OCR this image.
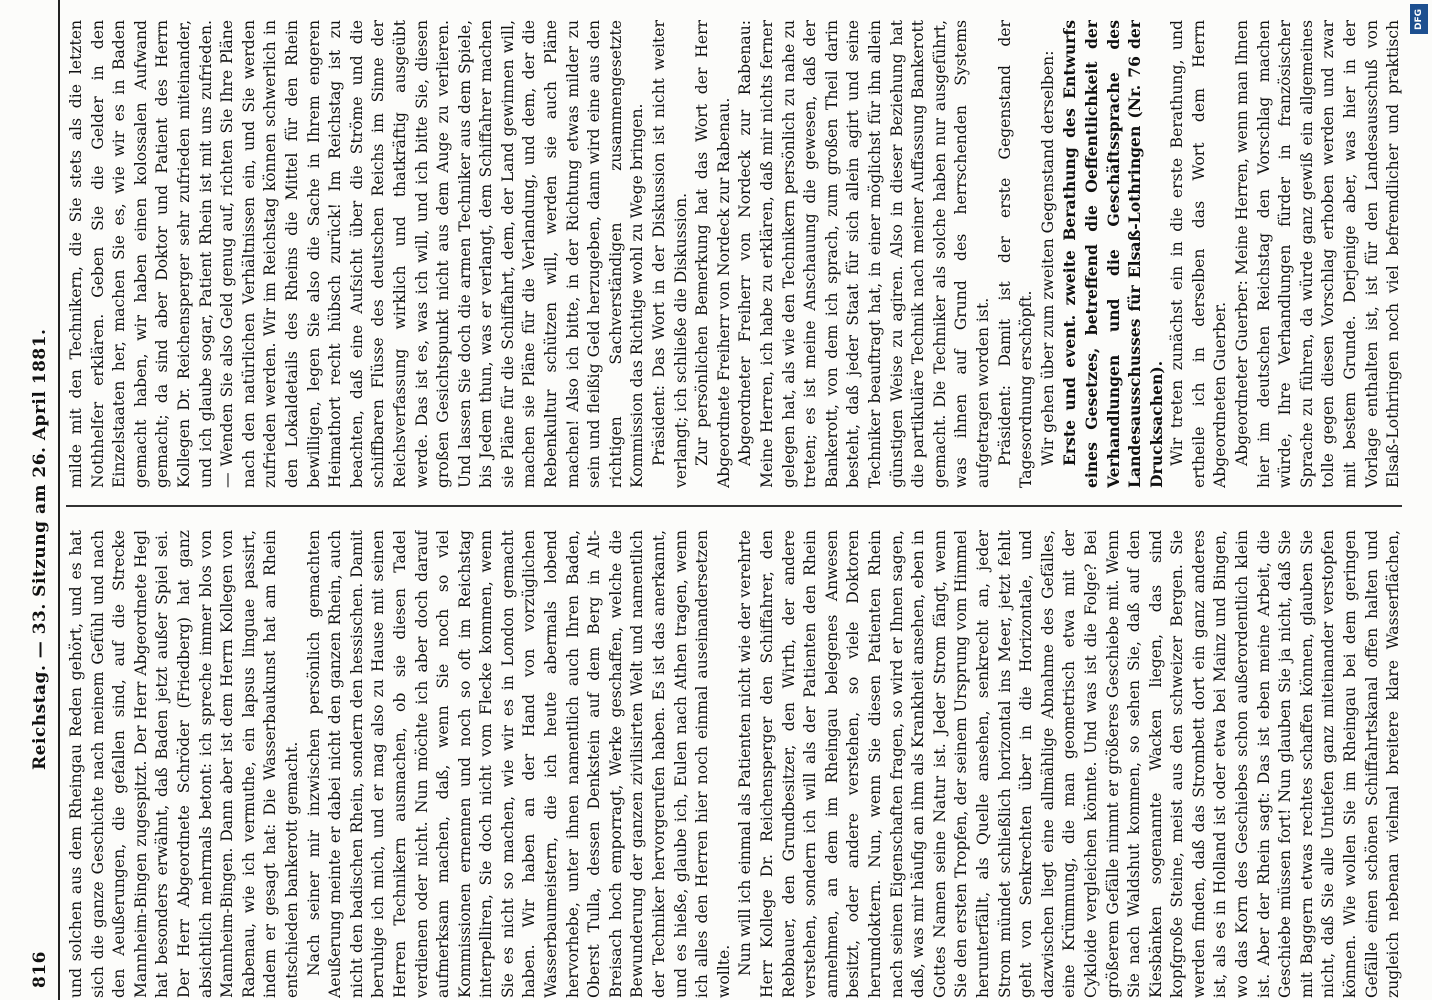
816
Reichstag. — 33. Sitzung am 26. April 1881. und solchen aus dem Rheingau Reden gehört, und es hat sich die ganze Geschichte nach meinem Gefühl und nach den Aeußerungen, die gefallen sind, auf die Strecke Mannheim-Bingen zugespitzt. Der Herr Abgeordnete Hegl hat besonders erwähnt, daß Baden jetzt außer Spiel sei. Der Herr Abgeordnete Schröder (Friedberg) hat ganz absichtlich mehrmals betont: ich spreche immer blos von Mannheim-Bingen. Dann aber ist dem Herrn Kollegen von Rabenau, wie ich vermuthe, ein lapsus linguae passirt, indem er gesagt hat: Die Wasserbaukunst hat am Rhein entschieden bankerott gemacht. Nach seiner mir inzwischen persönlich gemachten Aeußerung meinte er dabei nicht den ganzen Rhein, auch nicht den badischen Rhein, sondern den hessischen. Damit beruhige ich mich, und er mag also zu Hause mit seinen Herren Technikern ausmachen, ob sie diesen Tadel verdienen oder nicht. Nun möchte ich aber doch darauf aufmerksam machen, daß, wenn Sie noch so viel Kommissionen ernennen und noch so oft im Reichstag interpelliren, Sie doch nicht vom Flecke kommen, wenn Sie es nicht so machen, wie wir es in London gemacht haben. Wir haben an der Hand von vorzüglichen Wasserbaumeistern, die ich heute abermals lobend hervorhebe, unter ihnen namentlich auch Ihren Baden, Oberst Tulla, dessen Denkstein auf dem Berg in Alt-Breisach hoch emporragt, Werke geschaffen, welche die Bewunderung der ganzen zivilisirten Welt und namentlich der Techniker hervorgerufen haben. Es ist das anerkannt, und es hieße, glaube ich, Eulen nach Athen tragen, wenn ich alles den Herren hier noch einmal auseinandersetzen wollte. Nun will ich einmal als Patienten nicht wie der verehrte Herr Kollege Dr. Reichensperger den Schiffahrer, den Rebbauer, den Grundbesitzer, den Wirth, der andere verstehen, sondern ich will als der Patienten den Rhein annehmen, an dem im Rheingau belegenes Anwesen besitzt, oder andere verstehen, so viele Doktoren herumdoktern. Nun, wenn Sie diesen Patienten Rhein nach seinen Eigenschaften fragen, so wird er Ihnen sagen, daß, was mir häufig an ihm als Krankheit ansehen, eben in Gottes Namen seine Natur ist. Jeder Strom fängt, wenn Sie den ersten Tropfen, der seinem Ursprung vom Himmel herunterfällt, als Quelle ansehen, senkrecht an, jeder Strom mündet schließlich horizontal ins Meer, jetzt fehlt geht von Senkrechten über in die Horizontale, und dazwischen liegt eine allmählige Abnahme des Gefälles, eine Krümmung, die man geometrisch etwa mit der Cykloide vergleichen könnte. Und was ist die Folge? Bei größerem Gefälle nimmt er größeres Geschiebe mit. Wenn Sie nach Waldshut kommen, so sehen Sie, daß auf den Kiesbänken sogenannte Wacken liegen, das sind kopfgroße Steine, meist aus den schweizer Bergen. Sie werden finden, daß das Strombett dort ein ganz anderes ist, als es in Holland ist oder etwa bei Mainz und Bingen, wo das Korn des Geschiebes schon außerordentlich klein ist. Aber der Rhein sagt: Das ist eben meine Arbeit, die Geschiebe müssen fort! Nun glauben Sie ja nicht, daß Sie mit Baggern etwas rechtes schaffen können, glauben Sie nicht, daß Sie alle Untiefen ganz miteinander verstopfen können. Wie wollen Sie im Rheingau bei dem geringen Gefälle einen schönen Schiffahrtskanal offen halten und zugleich nebenan vielmal breitere klare Wasserflächen,

milde mit den Technikern, die Sie stets als die letzten Nothhelfer erklären. Geben Sie die Gelder in den Einzelstaaten her, machen Sie es, wie wir es in Baden gemacht haben, wir haben einen kolossalen Aufwand gemacht; da sind aber Doktor und Patient des Herrn Kollegen Dr. Reichensperger sehr zufrieden miteinander, und ich glaube sogar, Patient Rhein ist mit uns zufrieden. — Wenden Sie also Geld genug auf, richten Sie Ihre Pläne nach den natürlichen Verhältnissen ein, und Sie werden zufrieden werden. Wir im Reichstag können schwerlich in den Lokaldetails des Rheins die Mittel für den Rhein bewilligen, legen Sie also die Sache in Ihrem engeren Heimathort recht hübsch zurück! Im Reichstag ist zu beachten, daß eine Aufsicht über die Ströme und die schiffbaren Flüsse des deutschen Reichs im Sinne der Reichsverfassung wirklich und thatkräftig ausgeübt werde. Das ist es, was ich will, und ich bitte Sie, diesen großen Gesichtspunkt nicht aus dem Auge zu verlieren. Und lassen Sie doch die armen Techniker aus dem Spiele, bis Jedem thun, was er verlangt, dem Schiffahrer machen sie Pläne für die Schiffahrt, dem, der Land gewinnen will, machen sie Pläne für die Verlandung, und dem, der die Rebenkultur schützen will, werden sie auch Pläne machen! Also ich bitte, in der Richtung etwas milder zu sein und fleißig Geld herzugeben, dann wird eine aus den richtigen Sachverständigen zusammengesetzte Kommission das Richtige wohl zu Wege bringen. Präsident: Das Wort in der Diskussion ist nicht weiter verlangt; ich schließe die Diskussion. Zur persönlichen Bemerkung hat das Wort der Herr Abgeordnete Freiherr von Nordeck zur Rabenau. Abgeordneter Freiherr von Nordeck zur Rabenau: Meine Herren, ich habe zu erklären, daß mir nichts ferner gelegen hat, als wie den Technikern persönlich zu nahe zu treten; es ist meine Anschauung die gewesen, daß der Bankerott, von dem ich sprach, zum großen Theil darin besteht, daß jeder Staat für sich allein agirt und seine Techniker beauftragt hat, in einer möglichst für ihn allein günstigen Weise zu agiren. Also in dieser Beziehung hat die partikuläre Technik nach meiner Auffassung Bankerott gemacht. Die Techniker als solche haben nur ausgeführt, was ihnen auf Grund des herrschenden Systems aufgetragen worden ist. Präsident: Damit ist der erste Gegenstand der Tagesordnung erschöpft. Wir gehen über zum zweiten Gegenstand derselben: Erste und event. zweite Berathung des Entwurfs eines Gesetzes, betreffend die Oeffentlichkeit der Verhandlungen und die Geschäftssprache des Landesausschusses für Elsaß-Lothringen (Nr. 76 der Drucksachen). Wir treten zunächst ein in die erste Berathung, und ertheile ich in derselben das Wort dem Herrn Abgeordneten Guerber. Abgeordneter Guerber: Meine Herren, wenn man Ihnen hier im deutschen Reichstag den Vorschlag machen würde, Ihre Verhandlungen fürder in französischer Sprache zu führen, da würde ganz gewiß ein allgemeines tolle gegen diesen Vorschlag erhoben werden und zwar mit bestem Grunde. Derjenige aber, was hier in der Vorlage enthalten ist, ist für den Landesausschuß von Elsaß-Lothringen noch viel befremdlicher und praktisch

DFG
